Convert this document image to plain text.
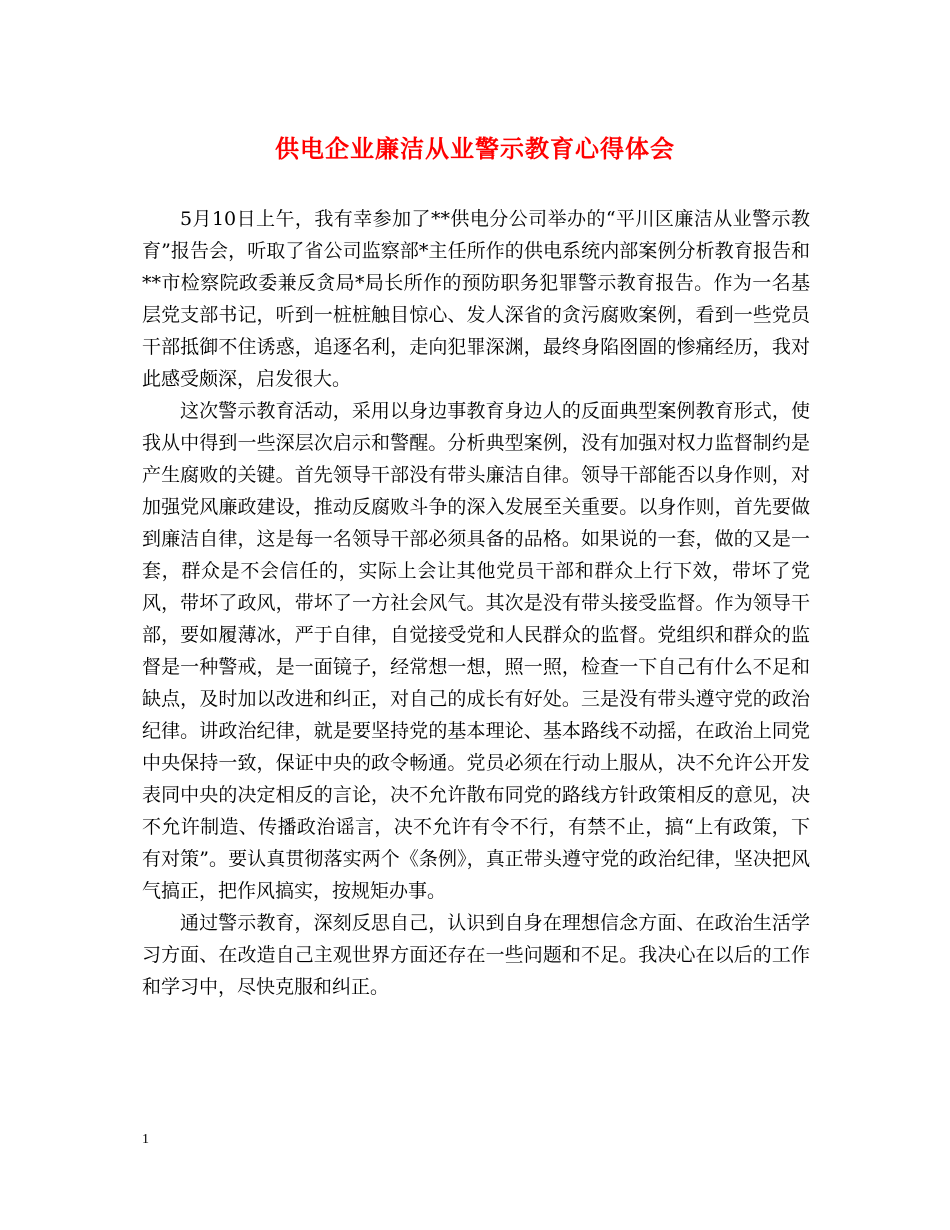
供电企业廉洁从业警示教育心得体会

5月10日上午，我有幸参加了**供电分公司举办的“平川区廉洁从业警示教育”报告会，听取了省公司监察部*主任所作的供电系统内部案例分析教育报告和**市检察院政委兼反贪局*局长所作的预防职务犯罪警示教育报告。作为一名基层党支部书记，听到一桩桩触目惊心、发人深省的贪污腐败案例，看到一些党员干部抵御不住诱惑，追逐名利，走向犯罪深渊，最终身陷囹圄的惨痛经历，我对此感受颇深，启发很大。

这次警示教育活动，采用以身边事教育身边人的反面典型案例教育形式，使我从中得到一些深层次启示和警醒。分析典型案例，没有加强对权力监督制约是产生腐败的关键。首先领导干部没有带头廉洁自律。领导干部能否以身作则，对加强党风廉政建设，推动反腐败斗争的深入发展至关重要。以身作则，首先要做到廉洁自律，这是每一名领导干部必须具备的品格。如果说的一套，做的又是一套，群众是不会信任的，实际上会让其他党员干部和群众上行下效，带坏了党风，带坏了政风，带坏了一方社会风气。其次是没有带头接受监督。作为领导干部，要如履薄冰，严于自律，自觉接受党和人民群众的监督。党组织和群众的监督是一种警戒，是一面镜子，经常想一想，照一照，检查一下自己有什么不足和缺点，及时加以改进和纠正，对自己的成长有好处。三是没有带头遵守党的政治纪律。讲政治纪律，就是要坚持党的基本理论、基本路线不动摇，在政治上同党中央保持一致，保证中央的政令畅通。党员必须在行动上服从，决不允许公开发表同中央的决定相反的言论，决不允许散布同党的路线方针政策相反的意见，决不允许制造、传播政治谣言，决不允许有令不行，有禁不止，搞“上有政策，下有对策”。要认真贯彻落实两个《条例》，真正带头遵守党的政治纪律，坚决把风气搞正，把作风搞实，按规矩办事。

通过警示教育，深刻反思自己，认识到自身在理想信念方面、在政治生活学习方面、在改造自己主观世界方面还存在一些问题和不足。我决心在以后的工作和学习中，尽快克服和纠正。

1
